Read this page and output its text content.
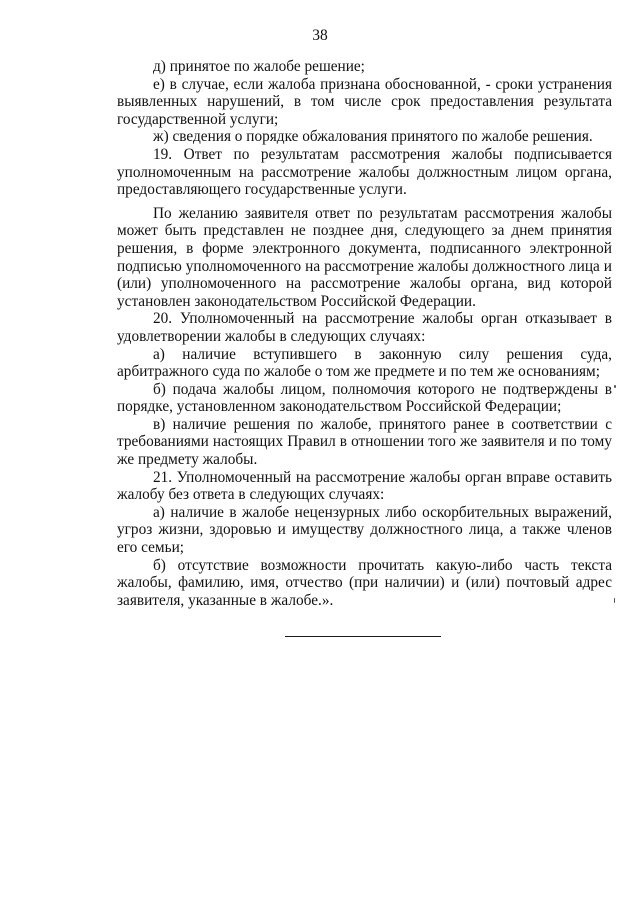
38

д) принятое по жалобе решение;

е) в случае, если жалоба признана обоснованной, - сроки устранения выявленных нарушений, в том числе срок предоставления результата государственной услуги;

ж) сведения о порядке обжалования принятого по жалобе решения.

19. Ответ по результатам рассмотрения жалобы подписывается уполномоченным на рассмотрение жалобы должностным лицом органа, предоставляющего государственные услуги.

По желанию заявителя ответ по результатам рассмотрения жалобы может быть представлен не позднее дня, следующего за днем принятия решения, в форме электронного документа, подписанного электронной подписью уполномоченного на рассмотрение жалобы должностного лица и (или) уполномоченного на рассмотрение жалобы органа, вид которой установлен законодательством Российской Федерации.

20. Уполномоченный на рассмотрение жалобы орган отказывает в удовлетворении жалобы в следующих случаях:

а) наличие вступившего в законную силу решения суда, арбитражного суда по жалобе о том же предмете и по тем же основаниям;

б) подача жалобы лицом, полномочия которого не подтверждены в порядке, установленном законодательством Российской Федерации;

в) наличие решения по жалобе, принятого ранее в соответствии с требованиями настоящих Правил в отношении того же заявителя и по тому же предмету жалобы.

21. Уполномоченный на рассмотрение жалобы орган вправе оставить жалобу без ответа в следующих случаях:

а) наличие в жалобе нецензурных либо оскорбительных выражений, угроз жизни, здоровью и имуществу должностного лица, а также членов его семьи;

б) отсутствие возможности прочитать какую-либо часть текста жалобы, фамилию, имя, отчество (при наличии) и (или) почтовый адрес заявителя, указанные в жалобе.».
